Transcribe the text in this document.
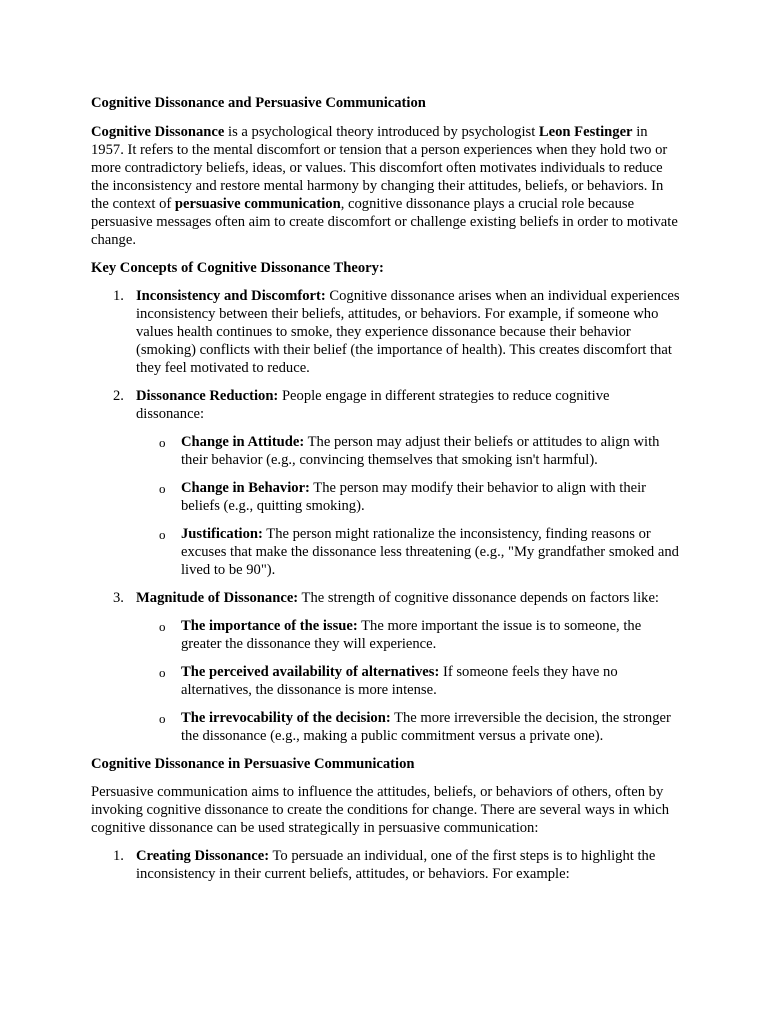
Cognitive Dissonance and Persuasive Communication

Cognitive Dissonance is a psychological theory introduced by psychologist Leon Festinger in 1957. It refers to the mental discomfort or tension that a person experiences when they hold two or more contradictory beliefs, ideas, or values. This discomfort often motivates individuals to reduce the inconsistency and restore mental harmony by changing their attitudes, beliefs, or behaviors. In the context of persuasive communication, cognitive dissonance plays a crucial role because persuasive messages often aim to create discomfort or challenge existing beliefs in order to motivate change.

Key Concepts of Cognitive Dissonance Theory:

1. Inconsistency and Discomfort: Cognitive dissonance arises when an individual experiences inconsistency between their beliefs, attitudes, or behaviors. For example, if someone who values health continues to smoke, they experience dissonance because their behavior (smoking) conflicts with their belief (the importance of health). This creates discomfort that they feel motivated to reduce.
2. Dissonance Reduction: People engage in different strategies to reduce cognitive dissonance:
o Change in Attitude: The person may adjust their beliefs or attitudes to align with their behavior (e.g., convincing themselves that smoking isn't harmful).
o Change in Behavior: The person may modify their behavior to align with their beliefs (e.g., quitting smoking).
o Justification: The person might rationalize the inconsistency, finding reasons or excuses that make the dissonance less threatening (e.g., "My grandfather smoked and lived to be 90").
3. Magnitude of Dissonance: The strength of cognitive dissonance depends on factors like:
o The importance of the issue: The more important the issue is to someone, the greater the dissonance they will experience.
o The perceived availability of alternatives: If someone feels they have no alternatives, the dissonance is more intense.
o The irrevocability of the decision: The more irreversible the decision, the stronger the dissonance (e.g., making a public commitment versus a private one).

Cognitive Dissonance in Persuasive Communication

Persuasive communication aims to influence the attitudes, beliefs, or behaviors of others, often by invoking cognitive dissonance to create the conditions for change. There are several ways in which cognitive dissonance can be used strategically in persuasive communication:

1. Creating Dissonance: To persuade an individual, one of the first steps is to highlight the inconsistency in their current beliefs, attitudes, or behaviors. For example:
